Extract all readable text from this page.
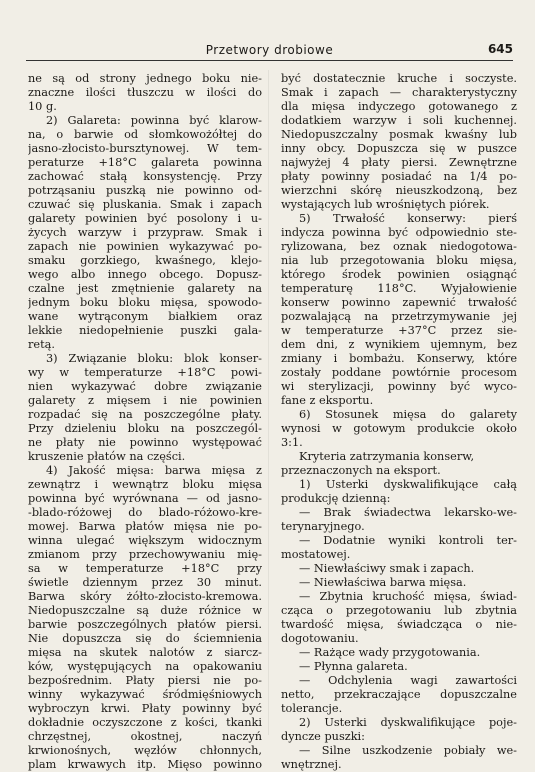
Przetwory drobiowe	645
ne są od strony jednego boku nie-
znaczne ilości tłuszczu w ilości do
10 g.
2) Galareta: powinna być klarow-
na, o barwie od słomkowożółtej do
jasno-złocisto-bursztynowej. W tem-
peraturze +18°C galareta powinna
zachować stałą konsystencję. Przy
potrząsaniu puszką nie powinno od-
czuwać się pluskania. Smak i zapach
galarety powinien być posolony i u-
życych warzyw i przypraw. Smak i
zapach nie powinien wykazywać po-
smaku gorzkiego, kwaśnego, klejo-
wego albo innego obcego. Dopusz-
czalne jest zmętnienie galarety na
jednym boku bloku mięsa, spowodo-
wane wytrąconym białkiem oraz
lekkie niedopełnienie puszki gala-
retą.
3) Związanie bloku: blok konser-
wy w temperaturze +18°C powi-
nien wykazywać dobre związanie
galarety z mięsem i nie powinien
rozpadać się na poszczególne płaty.
Przy dzieleniu bloku na poszczegól-
ne płaty nie powinno występować
kruszenie płatów na części.
4) Jakość mięsa: barwa mięsa z
zewnątrz i wewnątrz bloku mięsa
powinna być wyrównana — od jasno-
-blado-różowej do blado-różowo-kre-
mowej. Barwa płatów mięsa nie po-
winna ulegać większym widocznym
zmianom przy przechowywaniu mię-
sa w temperaturze +18°C przy
świetle dziennym przez 30 minut.
Barwa skóry żółto-złocisto-kremowa.
Niedopuszczalne są duże różnice w
barwie poszczególnych płatów piersi.
Nie dopuszcza się do ściemnienia
mięsa na skutek nalotów z siarcz-
ków, występujących na opakowaniu
bezpośrednim. Płaty piersi nie po-
winny wykazywać śródmięśniowych
wybroczyn krwi. Płaty powinny być
dokładnie oczyszczone z kości, tkanki
chrzęstnej, okostnej, naczyń
krwionośnych, węzłów chłonnych,
plam krwawych itp. Mięso powinno
być dostatecznie kruche i soczyste.
Smak i zapach — charakterystyczny
dla mięsa indyczego gotowanego z
dodatkiem warzyw i soli kuchennej.
Niedopuszczalny posmak kwaśny lub
inny obcy. Dopuszcza się w puszce
najwyżej 4 płaty piersi. Zewnętrzne
płaty powinny posiadać na 1/4 po-
wierzchni skórę nieuszkodzoną, bez
wystających lub wrośniętych piórek.
5) Trwałość konserwy: pierś
indycza powinna być odpowiednio ste-
rylizowana, bez oznak niedogotowa-
nia lub przegotowania bloku mięsa,
którego środek powinien osiągnąć
temperaturę 118°C. Wyjałowienie
konserw powinno zapewnić trwałość
pozwalającą na przetrzymywanie jej
w temperaturze +37°C przez sie-
dem dni, z wynikiem ujemnym, bez
zmiany i bombażu. Konserwy, które
zostały poddane powtórnie procesom
wi sterylizacji, powinny być wyco-
fane z eksportu.
6) Stosunek mięsa do galarety
wynosi w gotowym produkcie około
3:1.
Kryteria zatrzymania konserw,
przeznaczonych na eksport.
1) Usterki dyskwalifikujące całą
produkcję dzienną:
— Brak świadectwa lekarsko-we-
terynaryjnego.
— Dodatnie wyniki kontroli ter-
mostatowej.
— Niewłaściwy smak i zapach.
— Niewłaściwa barwa mięsa.
— Zbytnia kruchość mięsa, świad-
cząca o przegotowaniu lub zbytnia
twardość mięsa, świadcząca o nie-
dogotowaniu.
— Rażące wady przygotowania.
— Płynna galareta.
— Odchylenia wagi zawartości
netto, przekraczające dopuszczalne
tolerancje.
2) Usterki dyskwalifikujące poje-
dyncze puszki:
— Silne uszkodzenie pobiały we-
wnętrznej.
